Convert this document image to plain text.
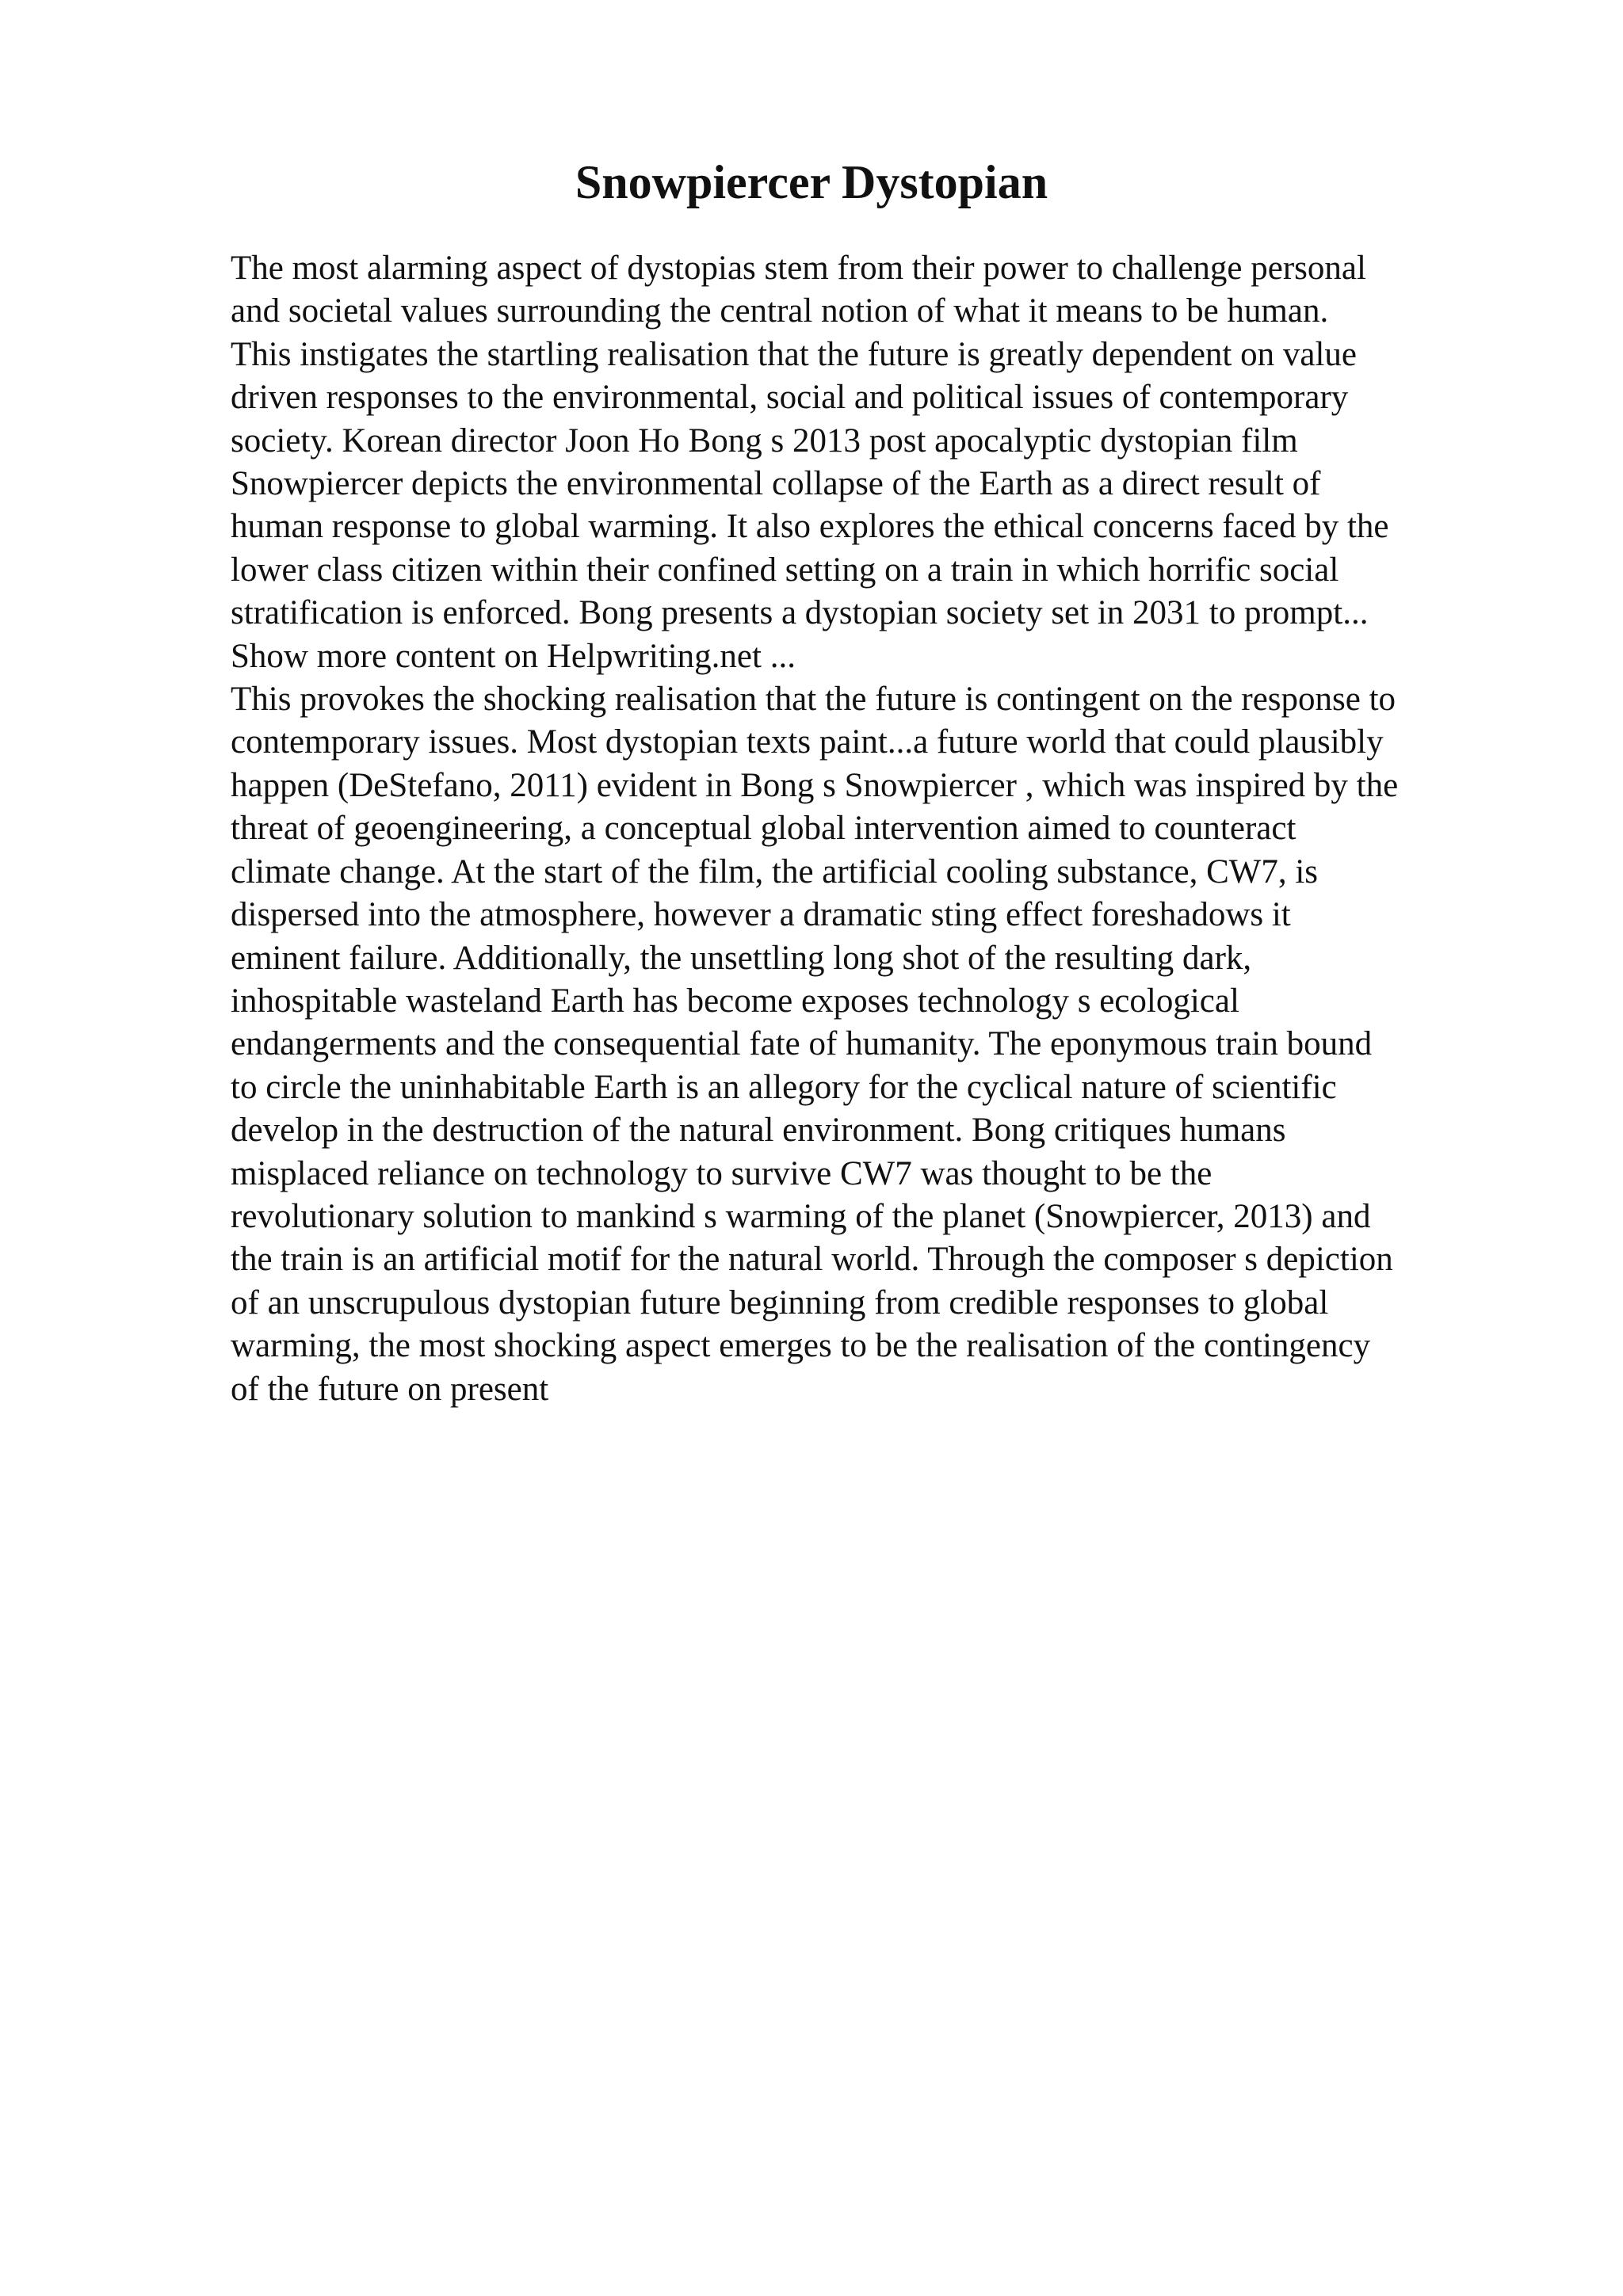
Snowpiercer Dystopian
The most alarming aspect of dystopias stem from their power to challenge personal
and societal values surrounding the central notion of what it means to be human.
This instigates the startling realisation that the future is greatly dependent on value
driven responses to the environmental, social and political issues of contemporary
society. Korean director Joon Ho Bong s 2013 post apocalyptic dystopian film
Snowpiercer depicts the environmental collapse of the Earth as a direct result of
human response to global warming. It also explores the ethical concerns faced by the
lower class citizen within their confined setting on a train in which horrific social
stratification is enforced. Bong presents a dystopian society set in 2031 to prompt...
Show more content on Helpwriting.net ...
This provokes the shocking realisation that the future is contingent on the response to
contemporary issues. Most dystopian texts paint...a future world that could plausibly
happen (DeStefano, 2011) evident in Bong s Snowpiercer , which was inspired by the
threat of geoengineering, a conceptual global intervention aimed to counteract
climate change. At the start of the film, the artificial cooling substance, CW7, is
dispersed into the atmosphere, however a dramatic sting effect foreshadows it
eminent failure. Additionally, the unsettling long shot of the resulting dark,
inhospitable wasteland Earth has become exposes technology s ecological
endangerments and the consequential fate of humanity. The eponymous train bound
to circle the uninhabitable Earth is an allegory for the cyclical nature of scientific
develop in the destruction of the natural environment. Bong critiques humans
misplaced reliance on technology to survive CW7 was thought to be the
revolutionary solution to mankind s warming of the planet (Snowpiercer, 2013) and
the train is an artificial motif for the natural world. Through the composer s depiction
of an unscrupulous dystopian future beginning from credible responses to global
warming, the most shocking aspect emerges to be the realisation of the contingency
of the future on present
